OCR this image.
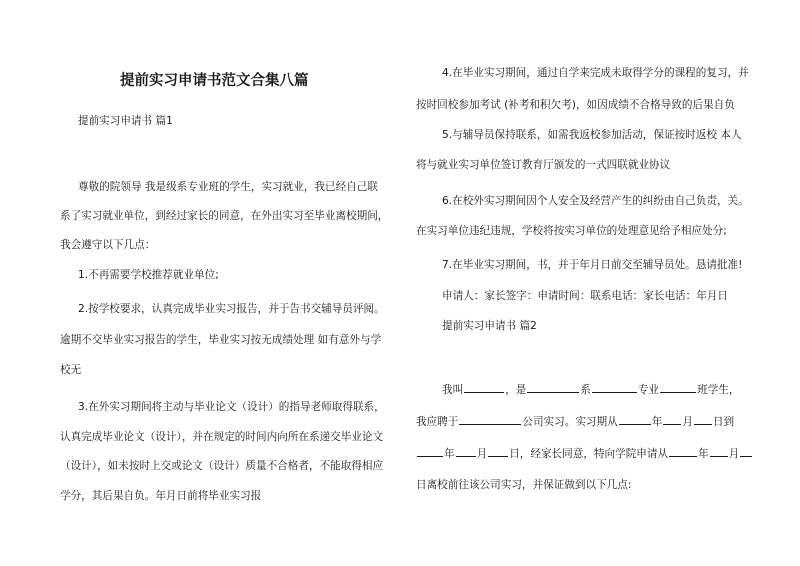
提前实习申请书范文合集八篇
提前实习申请书 篇1
尊敬的院领导 我是级系专业班的学生，实习就业，我已经自己联
系了实习就业单位，到经过家长的同意，在外出实习至毕业离校期间，
我会遵守以下几点：
1.不再需要学校推荐就业单位;
2.按学校要求，认真完成毕业实习报告，并于告书交辅导员评阅。
逾期不交毕业实习报告的学生，毕业实习按无成绩处理 如有意外与学
校无
3.在外实习期间将主动与毕业论文（设计）的指导老师取得联系，
认真完成毕业论文（设计），并在规定的时间内向所在系递交毕业论文
（设计），如未按时上交或论文（设计）质量不合格者，不能取得相应
学分，其后果自负。年月日前将毕业实习报
4.在毕业实习期间，通过自学来完成未取得学分的课程的复习，并
按时回校参加考试 (补考和积欠考)，如因成绩不合格导致的后果自负
5.与辅导员保持联系，如需我返校参加活动，保证按时返校 本人
将与就业实习单位签订教育厅颁发的一式四联就业协议
6.在校外实习期间因个人安全及经营产生的纠纷由自己负责，关。
在实习单位违纪违规，学校将按实习单位的处理意见给予相应处分;
7.在毕业实习期间，书，并于年月日前交至辅导员处。恳请批准!
申请人：家长签字：申请时间：联系电话：家长电话：年月日
提前实习申请书 篇2
我叫	，是	系	专业	班学生，
我应聘于	公司实习。实习期从	年 月 日到
年 月 日，经家长同意，特向学院申请从	年 月
日离校前往该公司实习，并保证做到以下几点:
